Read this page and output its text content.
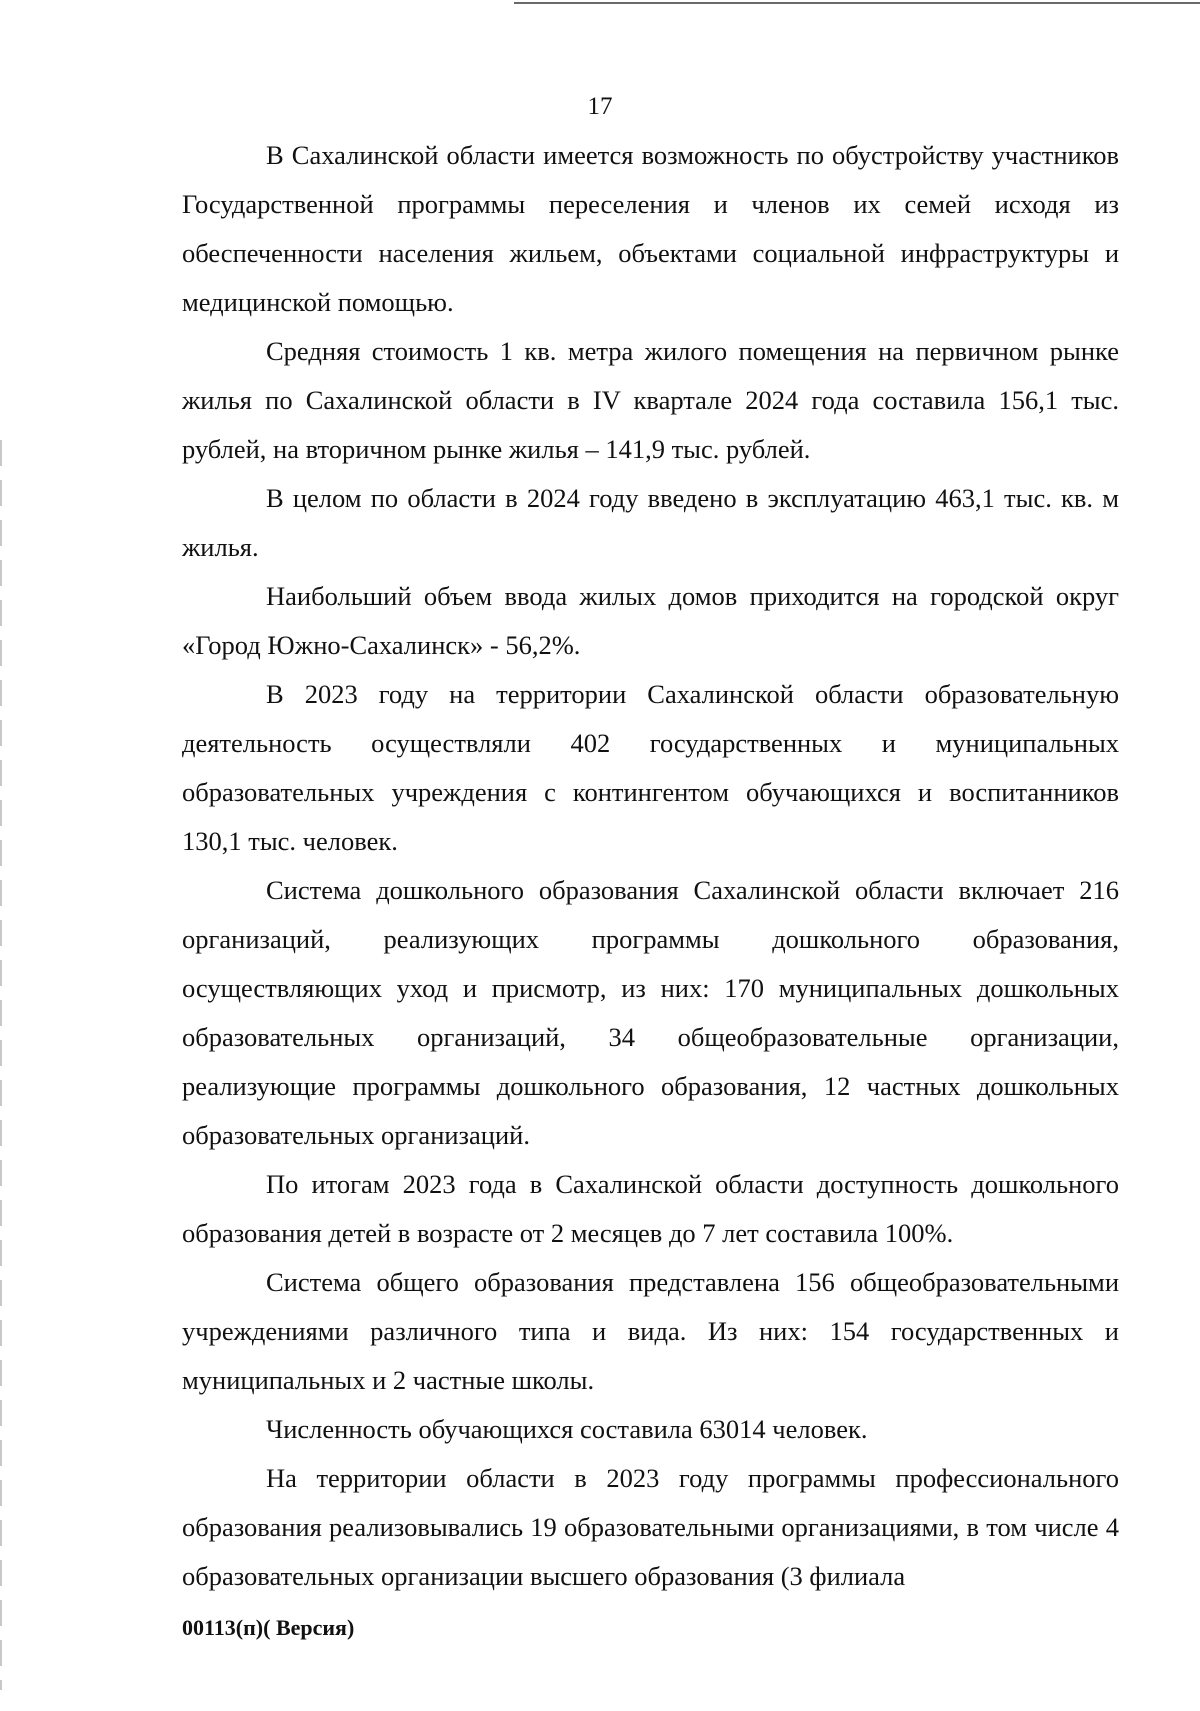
17

В Сахалинской области имеется возможность по обустройству участников Государственной программы переселения и членов их семей исходя из обеспеченности населения жильем, объектами социальной инфраструктуры и медицинской помощью.

Средняя стоимость 1 кв. метра жилого помещения на первичном рынке жилья по Сахалинской области в IV квартале 2024 года составила 156,1 тыс. рублей, на вторичном рынке жилья – 141,9 тыс. рублей.

В целом по области в 2024 году введено в эксплуатацию 463,1 тыс. кв. м жилья.

Наибольший объем ввода жилых домов приходится на городской округ «Город Южно-Сахалинск» - 56,2%.

В 2023 году на территории Сахалинской области образовательную деятельность осуществляли 402 государственных и муниципальных образовательных учреждения с контингентом обучающихся и воспитанников 130,1 тыс. человек.

Система дошкольного образования Сахалинской области включает 216 организаций, реализующих программы дошкольного образования, осуществляющих уход и присмотр, из них: 170 муниципальных дошкольных образовательных организаций, 34 общеобразовательные организации, реализующие программы дошкольного образования, 12 частных дошкольных образовательных организаций.

По итогам 2023 года в Сахалинской области доступность дошкольного образования детей в возрасте от 2 месяцев до 7 лет составила 100%.

Система общего образования представлена 156 общеобразовательными учреждениями различного типа и вида. Из них: 154 государственных и муниципальных и 2 частные школы.

Численность обучающихся составила 63014 человек.

На территории области в 2023 году программы профессионального образования реализовывались 19 образовательными организациями, в том числе 4 образовательных организации высшего образования (3 филиала

00113(п)( Версия)
